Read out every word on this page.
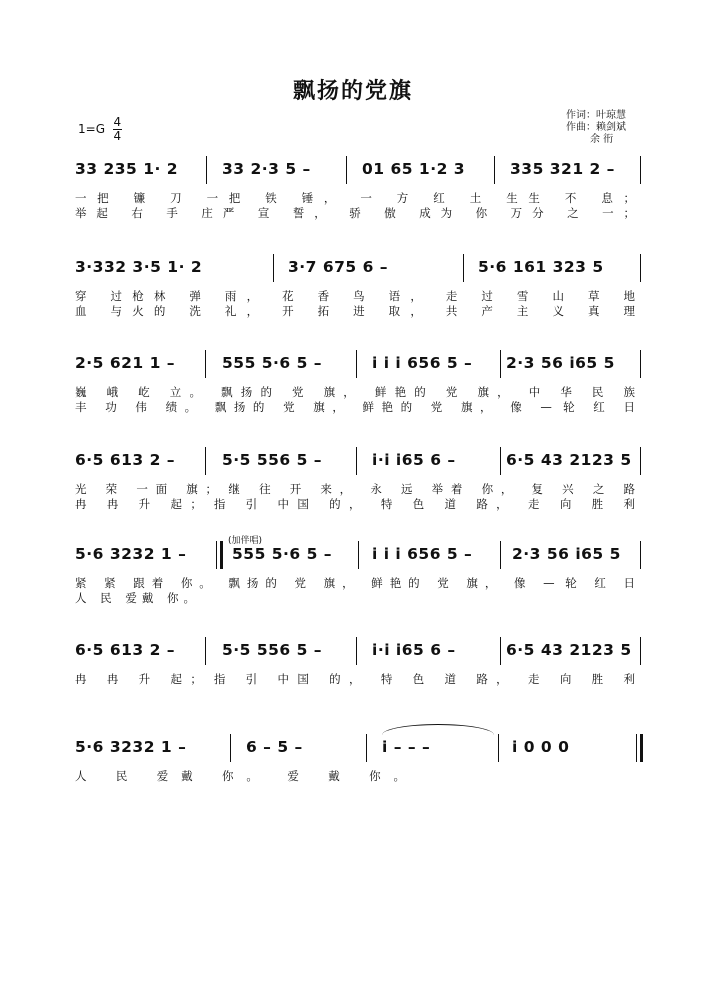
飘扬的党旗
$1=G \frac{4}{4}$
作词：叶琼慧
作曲：赖剑斌
余 衎
33 235 1· 2	33 2·3 5 –	01 65 1·2 3	335 321 2 –
一把 镰 刀 一把 铁 锤， 一 方 红 土 生生 不 息；
举起 右 手 庄严 宣 誓， 骄 傲 成为 你 万分 之 一；
3·332 3·5 1· 2	3·7 675 6 –	5·6 161 323 5
穿 过枪林 弹 雨， 花 香 鸟 语， 走 过 雪 山 草 地
血 与火的 洗 礼， 开 拓 进 取， 共 产 主 义 真 理
2·5 621 1 –	555 5·6 5 –	i i i 656 5 – 2·3 56 i65 5
巍 峨 屹 立。 飘扬的 党 旗， 鲜艳的 党 旗， 中 华 民 族
丰 功 伟 绩。 飘扬的 党 旗， 鲜艳的 党 旗， 像 — 轮 红 日
6·5 613 2 –	5·5 556 5 –	i·i i65 6 –	6·5 43 2123 5
光 荣 一面 旗； 继 往 开 来， 永 远 举着 你， 复 兴 之 路
冉 冉 升 起； 指 引 中国 的， 特 色 道 路， 走 向 胜 利
(加伴唱)
5·6 3232 1 –	555 5·6 5 –	i i i 656 5 –	2·3 56 i65 5
紧 紧 跟着 你。 飘扬的 党 旗， 鲜艳的 党 旗， 像 — 轮 红 日
人 民 爱戴 你。
6·5 613 2 –	5·5 556 5 –	i·i i65 6 –	6·5 43 2123 5
冉 冉 升 起； 指 引 中国 的， 特 色 道 路， 走 向 胜 利
5·6 3232 1 –	6 – 5 –	i – – –	i 0 0 0
人 民 爱戴 你。 爱 戴 你。
